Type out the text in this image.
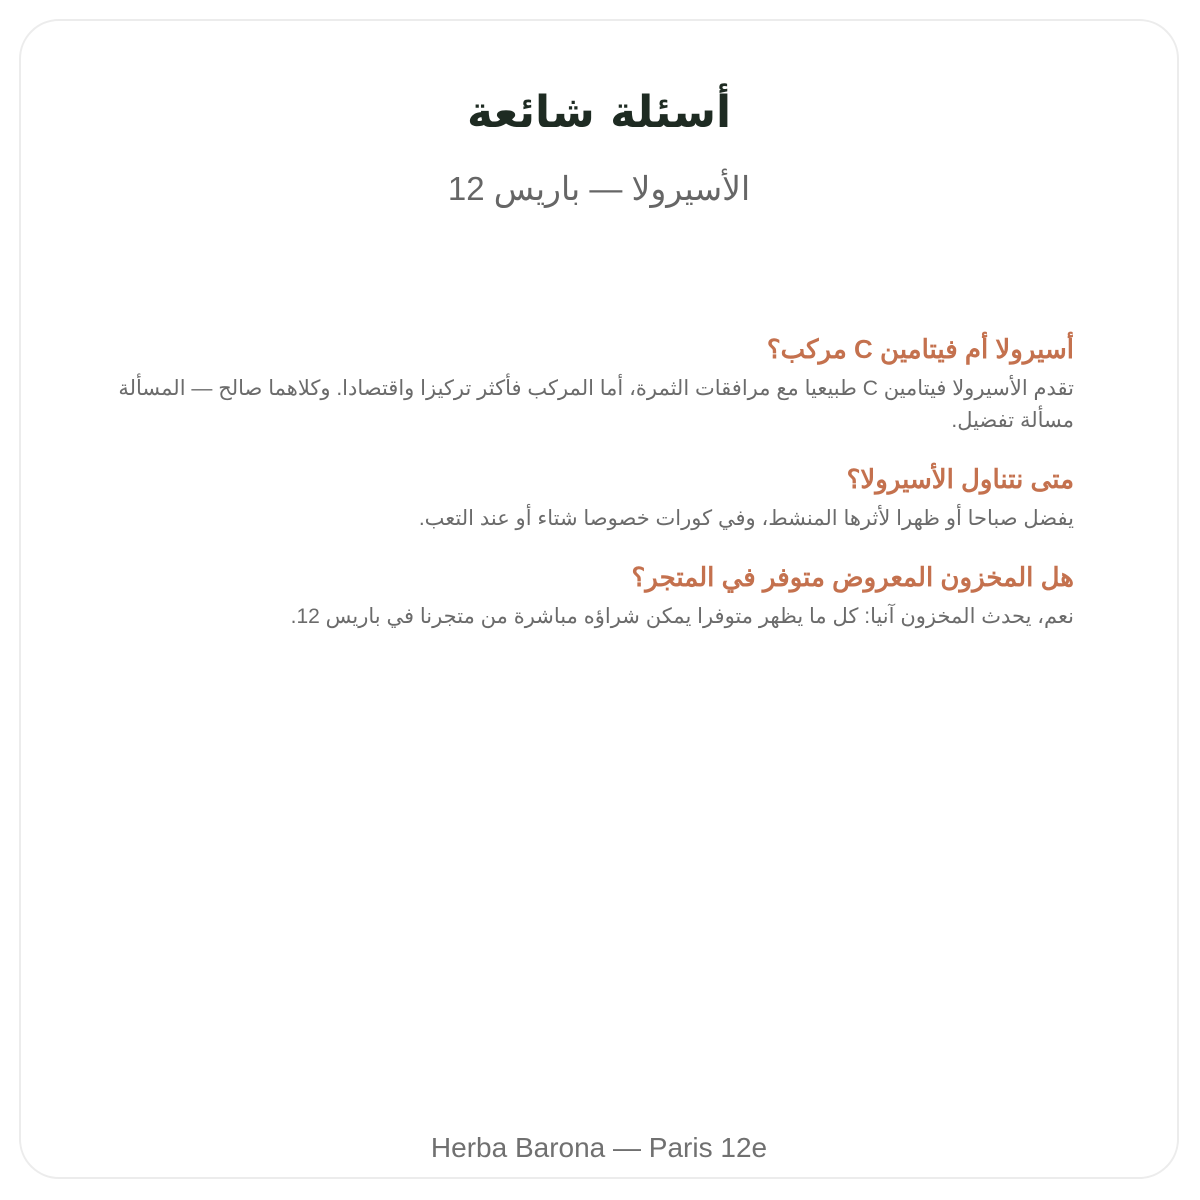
أسئلة شائعة

الأسيرولا — باريس 12

أسيرولا أم فيتامين C مركب؟

تقدم الأسيرولا فيتامين C طبيعيا مع مرافقات الثمرة، أما المركب فأكثر تركيزا واقتصادا. وكلاهما صالح — المسألة مسألة تفضيل.

متى نتناول الأسيرولا؟

يفضل صباحا أو ظهرا لأثرها المنشط، وفي كورات خصوصا شتاء أو عند التعب.

هل المخزون المعروض متوفر في المتجر؟

نعم، يحدث المخزون آنيا: كل ما يظهر متوفرا يمكن شراؤه مباشرة من متجرنا في باريس 12.

Herba Barona — Paris 12e
